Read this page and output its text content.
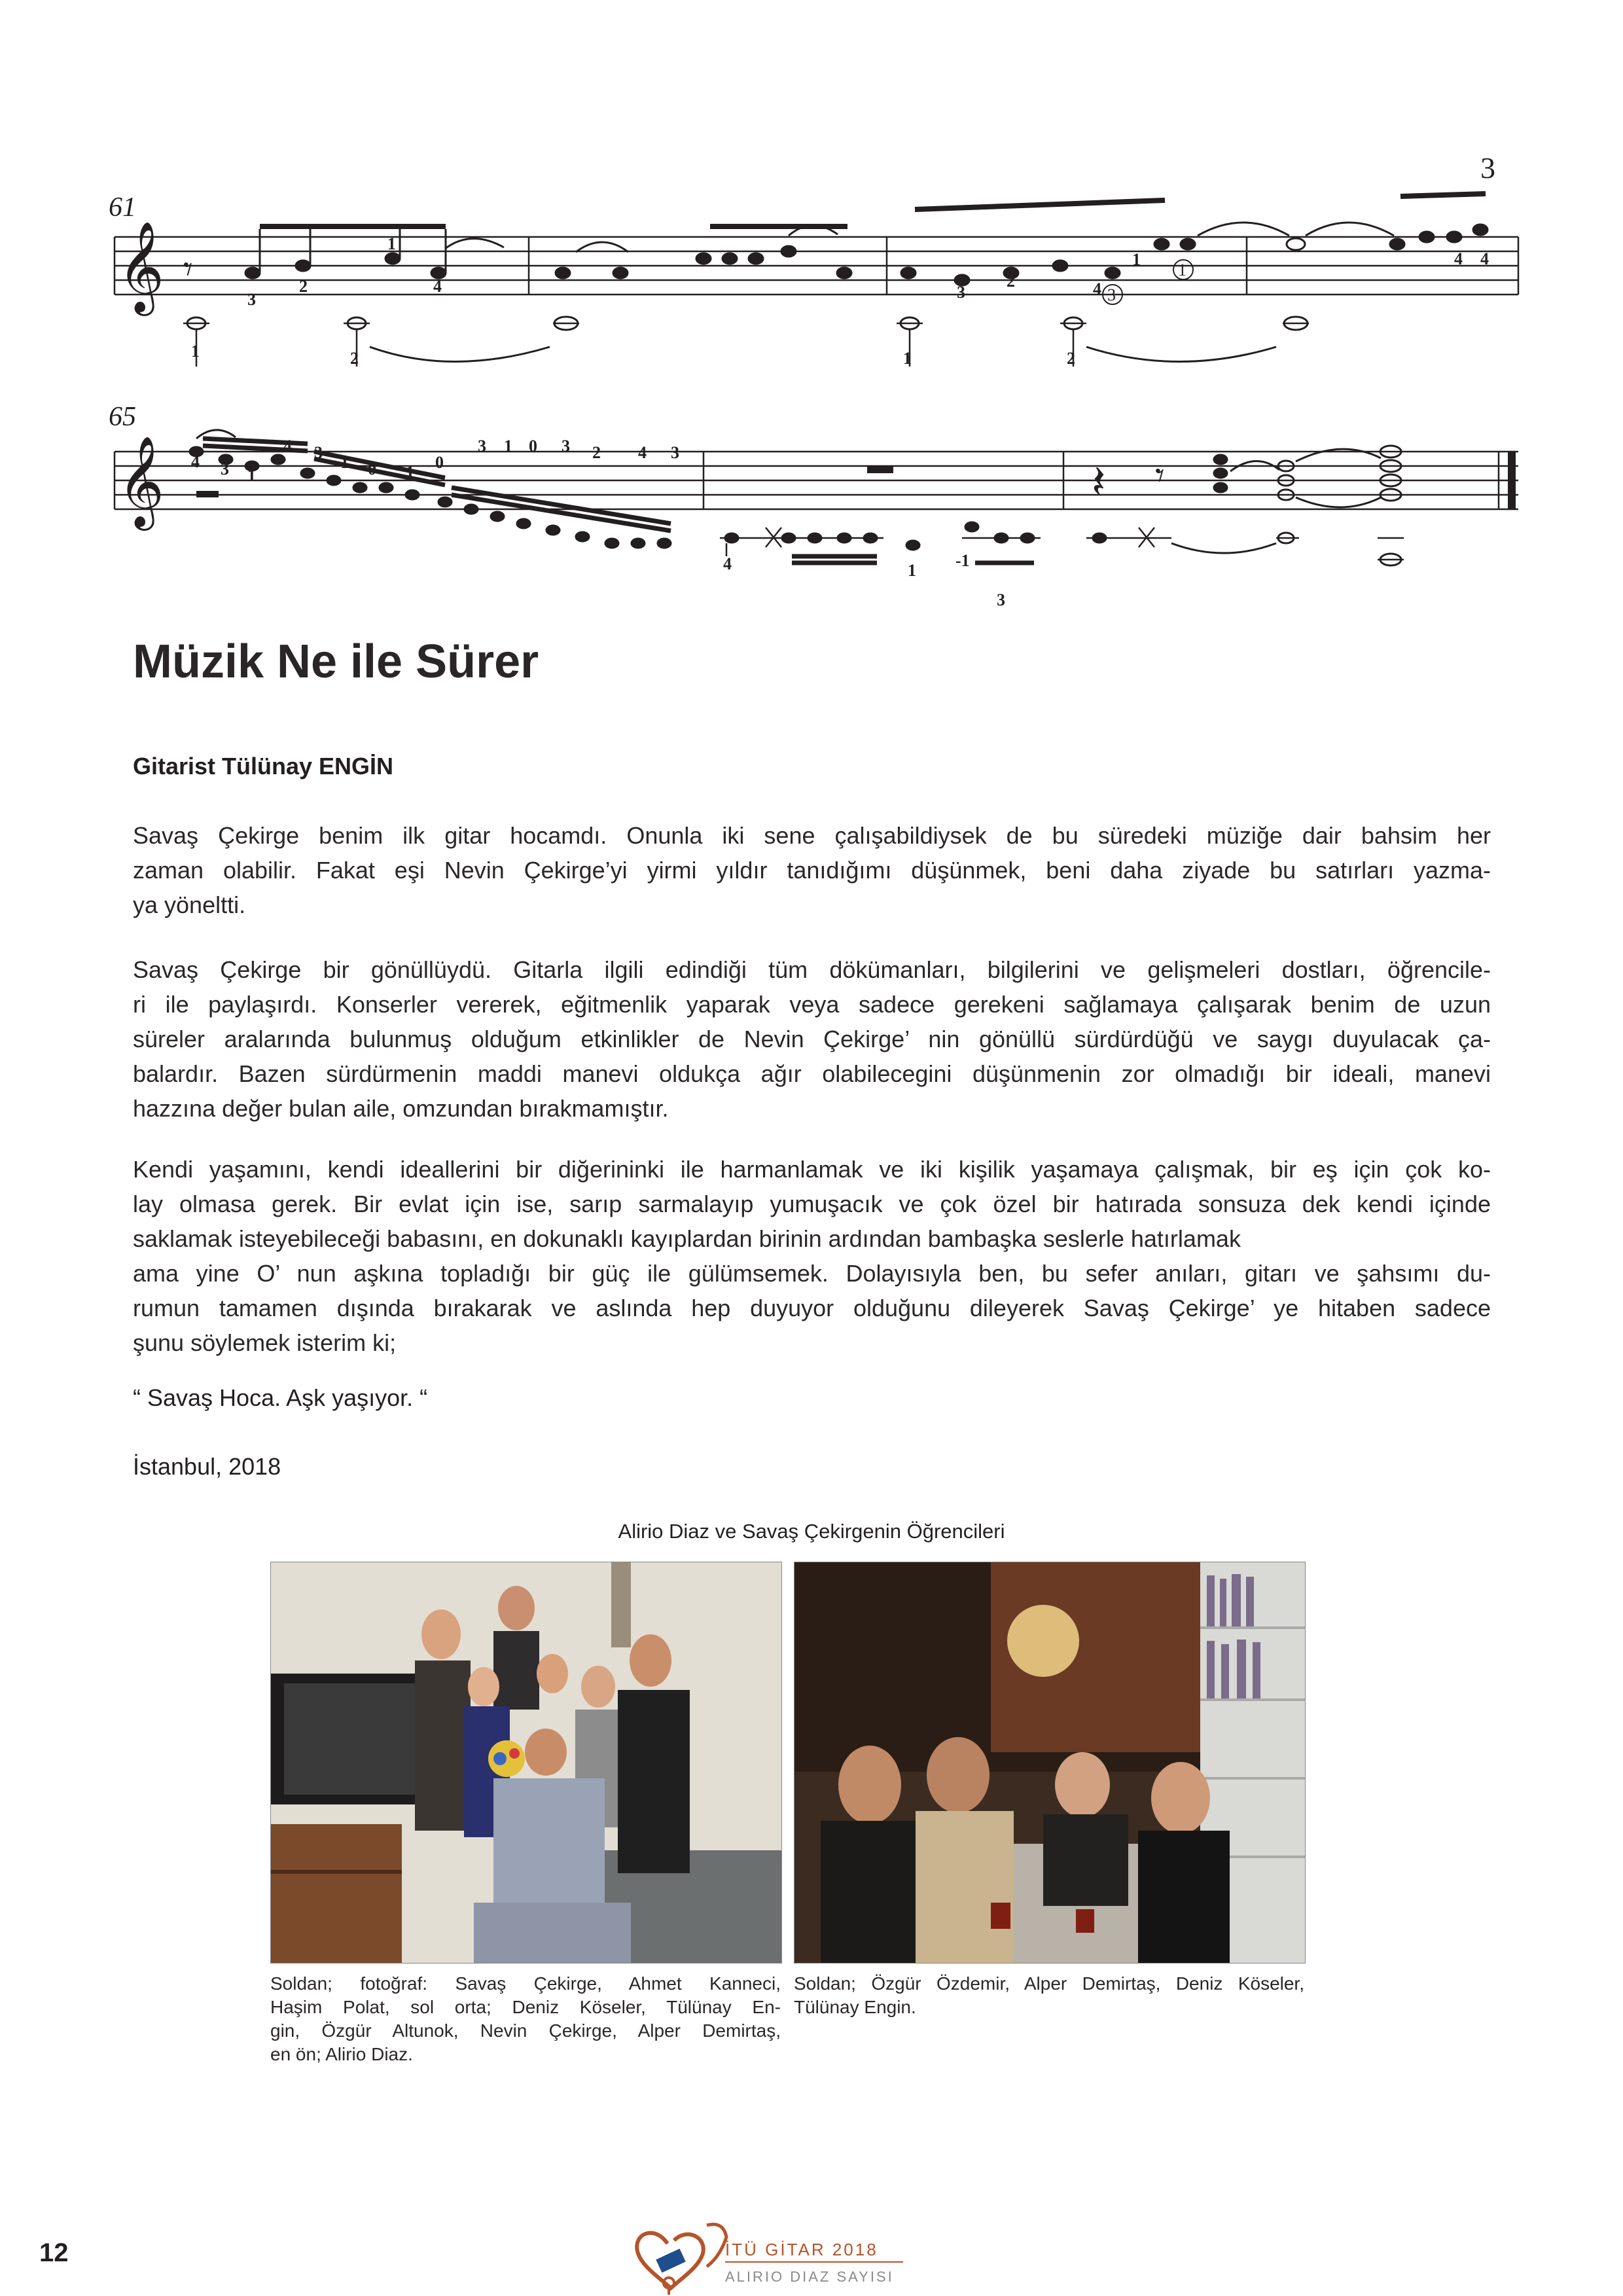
𝄞
𝄞	𝄽 𝄾
𝄾
3
61
65
3
2
1
4
1	2	1
3
2	4
1	4 4
2
4 3 1
4 3
1 0 1
0
3 1 0 3 2 4 3
4	1
-1
3
1
3
Müzik Ne ile Sürer

Gitarist Tülünay ENGİN

Savaş Çekirge benim ilk gitar hocamdı. Onunla iki sene çalışabildiysek de bu süredeki müziğe dair bahsim her
zaman olabilir. Fakat eşi Nevin Çekirge’yi yirmi yıldır tanıdığımı düşünmek, beni daha ziyade bu satırları yazma-
ya yöneltti.
Savaş Çekirge bir gönüllüydü. Gitarla ilgili edindiği tüm dökümanları, bilgilerini ve gelişmeleri dostları, öğrencile-
ri ile paylaşırdı. Konserler vererek, eğitmenlik yaparak veya sadece gerekeni sağlamaya çalışarak benim de uzun
süreler aralarında bulunmuş olduğum etkinlikler de Nevin Çekirge’ nin gönüllü sürdürdüğü ve saygı duyulacak ça-
balardır. Bazen sürdürmenin maddi manevi oldukça ağır olabilecegini düşünmenin zor olmadığı bir ideali, manevi
hazzına değer bulan aile, omzundan bırakmamıştır.
Kendi yaşamını, kendi ideallerini bir diğerininki ile harmanlamak ve iki kişilik yaşamaya çalışmak, bir eş için çok ko-
lay olmasa gerek. Bir evlat için ise, sarıp sarmalayıp yumuşacık ve çok özel bir hatırada sonsuza dek kendi içinde
saklamak isteyebileceği babasını, en dokunaklı kayıplardan birinin ardından bambaşka seslerle hatırlamak
ama yine O’ nun aşkına topladığı bir güç ile gülümsemek. Dolayısıyla ben, bu sefer anıları, gitarı ve şahsımı du-
rumun tamamen dışında bırakarak ve aslında hep duyuyor olduğunu dileyerek Savaş Çekirge’ ye hitaben sadece
şunu söylemek isterim ki;

“ Savaş Hoca. Aşk yaşıyor. “

İstanbul, 2018

Alirio Diaz ve Savaş Çekirgenin Öğrencileri

Soldan; fotoğraf: Savaş Çekirge, Ahmet Kanneci,
Haşim Polat, sol orta; Deniz Köseler, Tülünay En-
gin, Özgür Altunok, Nevin Çekirge, Alper Demirtaş,
en ön; Alirio Diaz.
Soldan; Özgür Özdemir, Alper Demirtaş, Deniz Köseler,
Tülünay Engin.

12	İTÜ GİTAR 2018
ALIRIO DIAZ SAYISI
